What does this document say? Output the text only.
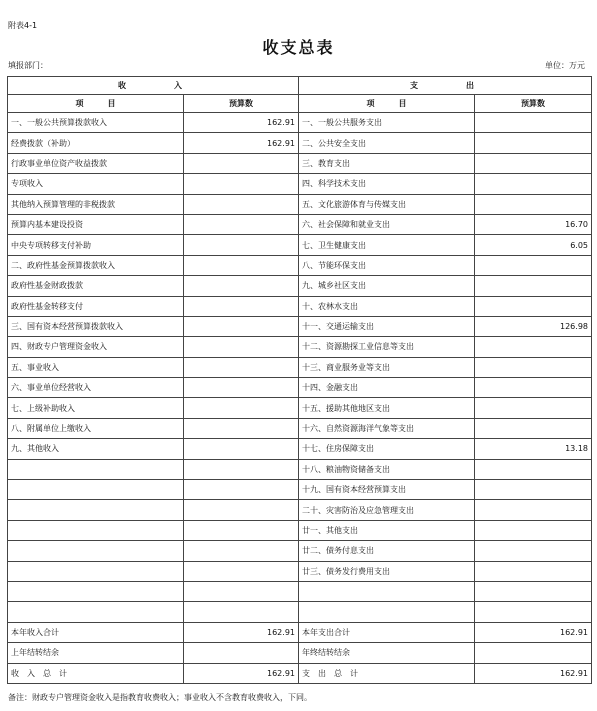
附表4-1
收支总表
填报部门：	单位：万元
收　　　入		支　　　出	
项　　　目	预算数	项　　　目	预算数
一、一般公共预算拨款收入	162.91	一、一般公共服务支出	
经费拨款（补助）	162.91	二、公共安全支出	
行政事业单位资产收益拨款		三、教育支出	
专项收入		四、科学技术支出	
其他纳入预算管理的非税拨款		五、文化旅游体育与传媒支出	
预算内基本建设投资		六、社会保障和就业支出	16.70
中央专项转移支付补助		七、卫生健康支出	6.05
二、政府性基金预算拨款收入		八、节能环保支出	
政府性基金财政拨款		九、城乡社区支出	
政府性基金转移支付		十、农林水支出	
三、国有资本经营预算拨款收入		十一、交通运输支出	126.98
四、财政专户管理资金收入		十二、资源勘探工业信息等支出	
五、事业收入		十三、商业服务业等支出	
六、事业单位经营收入		十四、金融支出	
七、上级补助收入		十五、援助其他地区支出	
八、附属单位上缴收入		十六、自然资源海洋气象等支出	
九、其他收入		十七、住房保障支出	13.18
		十八、粮油物资储备支出	
		十九、国有资本经营预算支出	
		二十、灾害防治及应急管理支出	
		廿一、其他支出	
		廿二、债务付息支出	
		廿三、债务发行费用支出	

本年收入合计	162.91	本年支出合计	162.91
上年结转结余		年终结转结余	
收　入　总　计	162.91	支　出　总　计	162.91
备注：财政专户管理资金收入是指教育收费收入；事业收入不含教育收费收入，下同。
